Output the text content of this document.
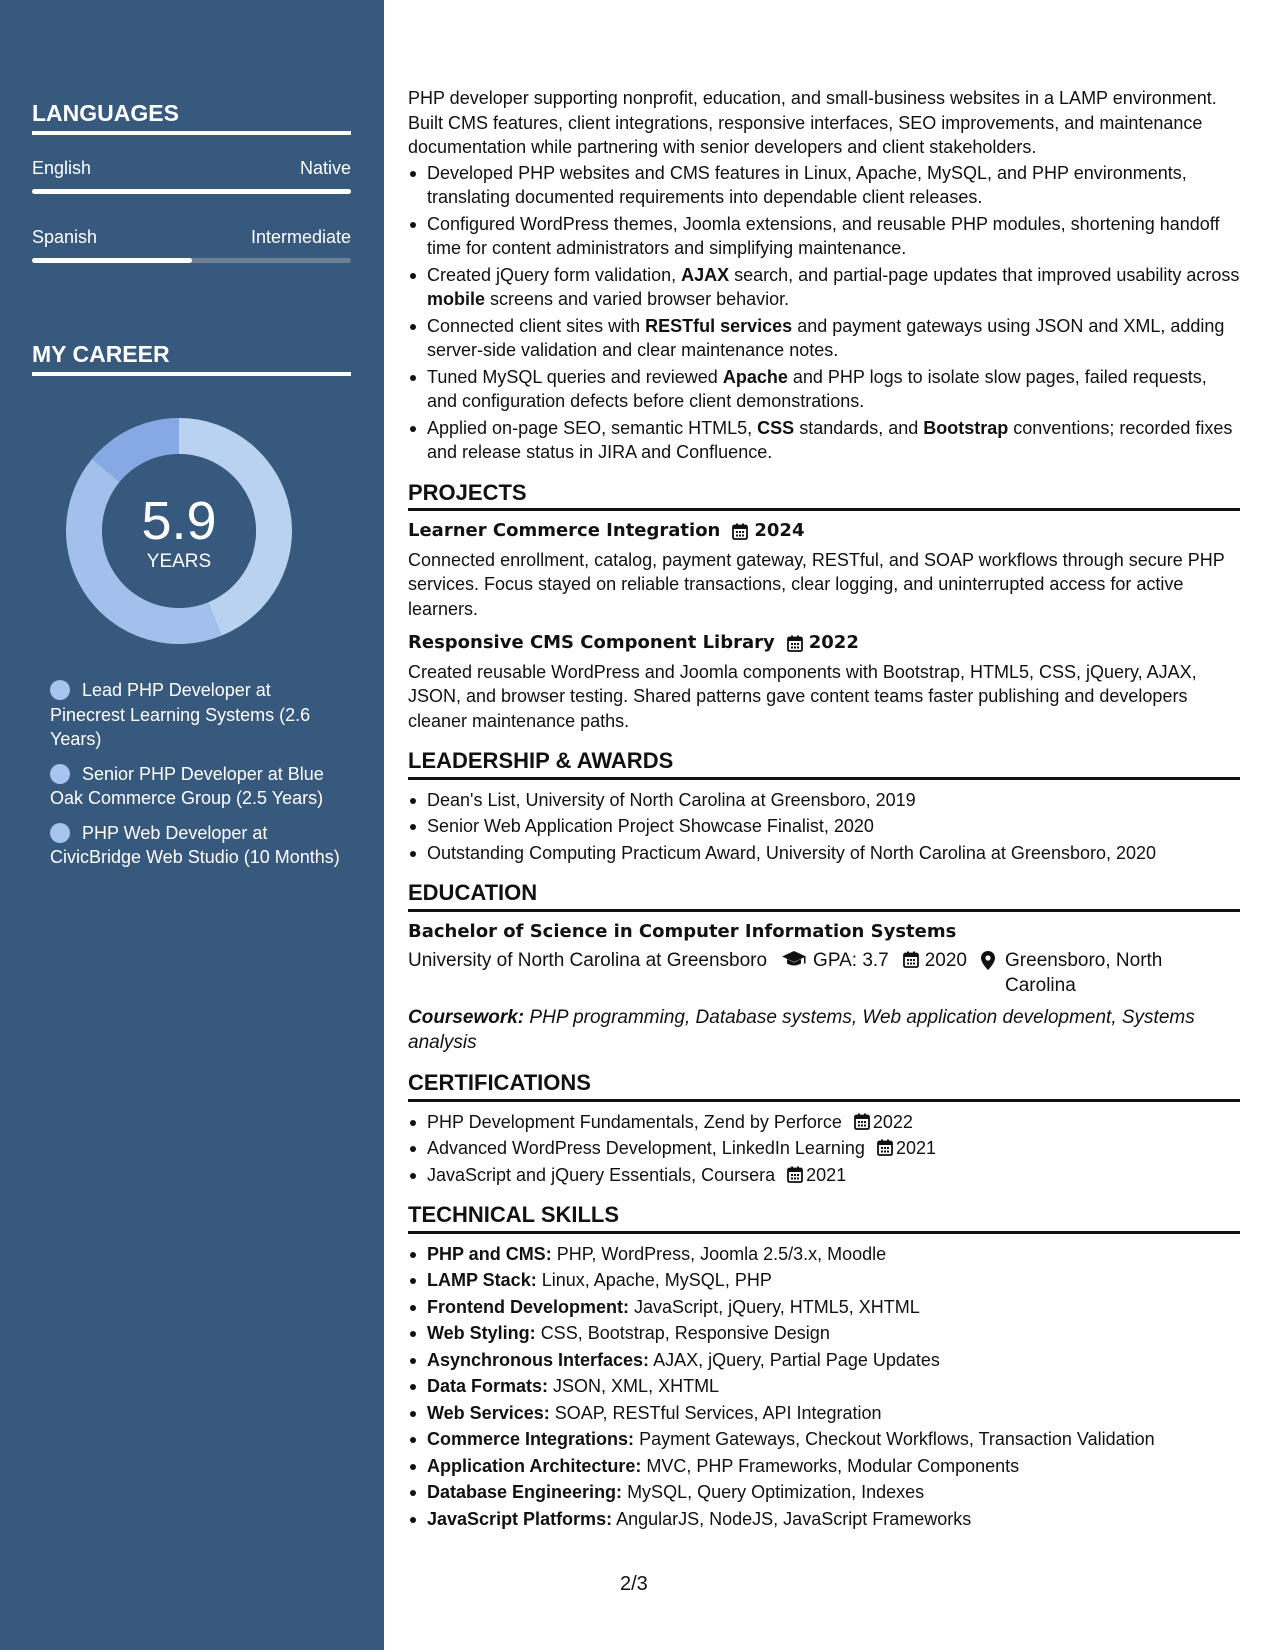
LANGUAGES
English	Native
Spanish	Intermediate
MY CAREER
5.9
YEARS
Lead PHP Developer at Pinecrest Learning Systems (2.6 Years)
Senior PHP Developer at Blue Oak Commerce Group (2.5 Years)
PHP Web Developer at CivicBridge Web Studio (10 Months)

PHP developer supporting nonprofit, education, and small-business websites in a LAMP environment. Built CMS features, client integrations, responsive interfaces, SEO improvements, and maintenance documentation while partnering with senior developers and client stakeholders.

Developed PHP websites and CMS features in Linux, Apache, MySQL, and PHP environments, translating documented requirements into dependable client releases.
Configured WordPress themes, Joomla extensions, and reusable PHP modules, shortening handoff time for content administrators and simplifying maintenance.
Created jQuery form validation, AJAX search, and partial-page updates that improved usability across mobile screens and varied browser behavior.
Connected client sites with RESTful services and payment gateways using JSON and XML, adding server-side validation and clear maintenance notes.
Tuned MySQL queries and reviewed Apache and PHP logs to isolate slow pages, failed requests, and configuration defects before client demonstrations.
Applied on-page SEO, semantic HTML5, CSS standards, and Bootstrap conventions; recorded fixes and release status in JIRA and Confluence.
PROJECTS
Learner Commerce Integration 2024

Connected enrollment, catalog, payment gateway, RESTful, and SOAP workflows through secure PHP services. Focus stayed on reliable transactions, clear logging, and uninterrupted access for active learners.

Responsive CMS Component Library 2022

Created reusable WordPress and Joomla components with Bootstrap, HTML5, CSS, jQuery, AJAX, JSON, and browser testing. Shared patterns gave content teams faster publishing and developers cleaner maintenance paths.

LEADERSHIP & AWARDS
Dean's List, University of North Carolina at Greensboro, 2019
Senior Web Application Project Showcase Finalist, 2020
Outstanding Computing Practicum Award, University of North Carolina at Greensboro, 2020
EDUCATION
Bachelor of Science in Computer Information Systems
University of North Carolina at Greensboro	GPA: 3.7	2020 Greensboro, North Carolina
Coursework: PHP programming, Database systems, Web application development, Systems analysis
CERTIFICATIONS
PHP Development Fundamentals, Zend by Perforce 2022
Advanced WordPress Development, LinkedIn Learning 2021
JavaScript and jQuery Essentials, Coursera 2021
TECHNICAL SKILLS
PHP and CMS: PHP, WordPress, Joomla 2.5/3.x, Moodle
LAMP Stack: Linux, Apache, MySQL, PHP
Frontend Development: JavaScript, jQuery, HTML5, XHTML
Web Styling: CSS, Bootstrap, Responsive Design
Asynchronous Interfaces: AJAX, jQuery, Partial Page Updates
Data Formats: JSON, XML, XHTML
Web Services: SOAP, RESTful Services, API Integration
Commerce Integrations: Payment Gateways, Checkout Workflows, Transaction Validation
Application Architecture: MVC, PHP Frameworks, Modular Components
Database Engineering: MySQL, Query Optimization, Indexes
JavaScript Platforms: AngularJS, NodeJS, JavaScript Frameworks
2/3
